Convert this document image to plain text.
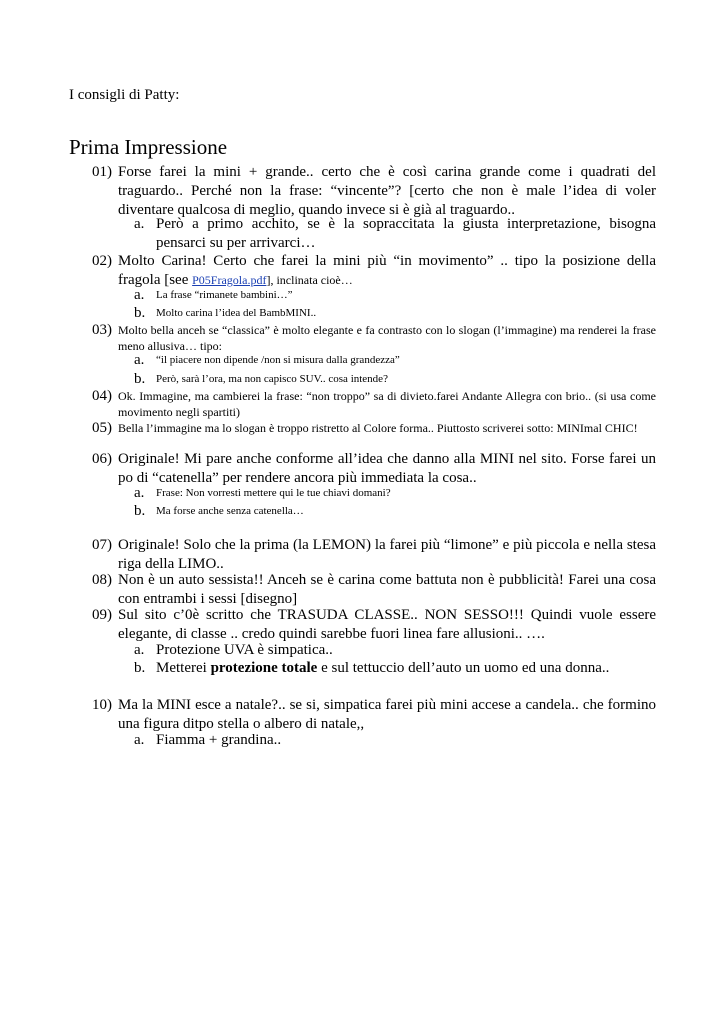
I consigli di Patty:
Prima Impressione
01) Forse farei la mini + grande.. certo che è così carina grande come i quadrati del traguardo.. Perché non la frase: “vincente”? [certo che non è male l’idea di voler diventare qualcosa di meglio, quando invece si è già al traguardo..
a. Però a primo acchito, se è la sopraccitata la giusta interpretazione, bisogna pensarci su per arrivarci…
02) Molto Carina! Certo che farei la mini più “in movimento” .. tipo la posizione della fragola [see P05Fragola.pdf], inclinata cioè…
a. La frase “rimanete bambini…”
b. Molto carina l’idea del BambMINI..
03) Molto bella anceh se “classica” è molto elegante e fa contrasto con lo slogan (l’immagine) ma renderei la frase meno allusiva… tipo:
a. “il piacere non dipende /non si misura dalla grandezza”
b. Però, sarà l’ora, ma non capisco SUV.. cosa intende?
04) Ok. Immagine, ma cambierei la frase: “non troppo” sa di divieto.farei Andante Allegra con brio.. (si usa come movimento negli spartiti)
05) Bella l’immagine ma lo slogan è troppo ristretto al Colore forma.. Piuttosto scriverei sotto: MINImal CHIC!
06) Originale! Mi pare anche conforme all’idea che danno alla MINI nel sito. Forse farei un po di “catenella” per rendere ancora più immediata la cosa..
a. Frase: Non vorresti mettere qui le tue chiavi domani?
b. Ma forse anche senza catenella…
07) Originale! Solo che la prima (la LEMON) la farei più “limone” e più piccola e nella stesa riga della LIMO..
08) Non è un auto sessista!! Anceh se è carina come battuta non è pubblicità! Farei una cosa con entrambi i sessi [disegno]
09) Sul sito c’0è scritto che TRASUDA CLASSE.. NON SESSO!!! Quindi vuole essere elegante, di classe .. credo quindi sarebbe fuori linea fare allusioni.. ….
a. Protezione UVA è simpatica..
b. Metterei protezione totale e sul tettuccio dell’auto un uomo ed una donna..
10) Ma la MINI esce a natale?.. se si, simpatica farei più mini accese a candela.. che formino una figura ditpo stella o albero di natale,,
a. Fiamma + grandina..
